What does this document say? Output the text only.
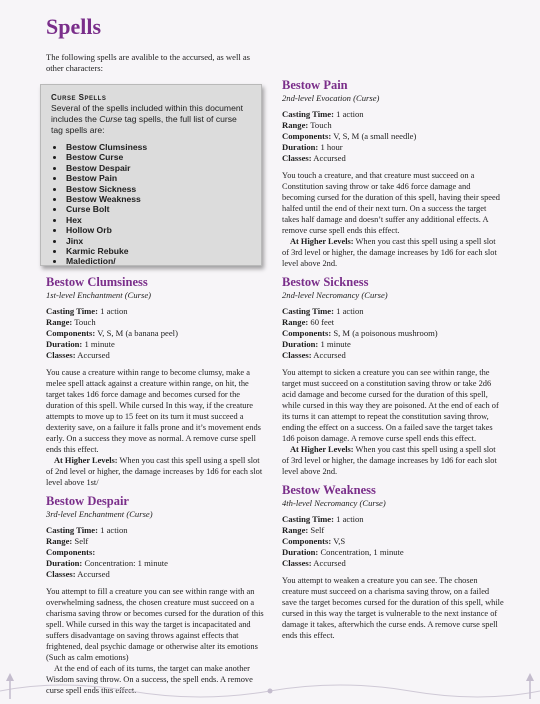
Spells
The following spells are avalible to the accursed, as well as other characters:
Curse Spells
Several of the spells included within this document includes the Curse tag spells, the full list of curse tag spells are:
• Bestow Clumsiness
• Bestow Curse
• Bestow Despair
• Bestow Pain
• Bestow Sickness
• Bestow Weakness
• Curse Bolt
• Hex
• Hollow Orb
• Jinx
• Karmic Rebuke
• Malediction/
Bestow Clumsiness
1st-level Enchantment (Curse)
Casting Time: 1 action
Range: Touch
Components: V, S, M (a banana peel)
Duration: 1 minute
Classes: Accursed

You cause a creature within range to become clumsy, make a melee spell attack against a creature within range, on hit, the target takes 1d6 force damage and becomes cursed for the duration of this spell. While cursed In this way, if the creature attempts to move up to 15 feet on its turn it must succeed a dexterity save, on a failure it falls prone and it’s movement ends early. On a success they move as normal. A remove curse spell ends this effect.

At Higher Levels: When you cast this spell using a spell slot of 2nd level or higher, the damage increases by 1d6 for each slot level above 1st/

Bestow Despair
3rd-level Enchantment (Curse)
Casting Time: 1 action
Range: Self
Components:
Duration: Concentration: 1 minute
Classes: Accursed

You attempt to fill a creature you can see within range with an overwhelming sadness, the chosen creature must succeed on a charisma saving throw or becomes cursed for the duration of this spell. While cursed in this way the target is incapacitated and suffers disadvantage on saving throws against effects that frightened, deal psychic damage or otherwise alter its emotions (Such as calm emotions)

At the end of each of its turns, the target can make another Wisdom saving throw. On a success, the spell ends. A remove curse spell ends this effect.

Bestow Pain
2nd-level Evocation (Curse)
Casting Time: 1 action
Range: Touch
Components: V, S, M (a small needle)
Duration: 1 hour
Classes: Accursed

You touch a creature, and that creature must succeed on a Constitution saving throw or take 4d6 force damage and becoming cursed for the duration of this spell, having their speed halfed until the end of their next turn. On a success the target takes half damage and doesn’t suffer any additional effects. A remove curse spell ends this effect.

At Higher Levels: When you cast this spell using a spell slot of 3rd level or higher, the damage increases by 1d6 for each slot level above 2nd.

Bestow Sickness
2nd-level Necromancy (Curse)
Casting Time: 1 action
Range: 60 feet
Components: S, M (a poisonous mushroom)
Duration: 1 minute
Classes: Accursed

You attempt to sicken a creature you can see within range, the target must succeed on a constitution saving throw or take 2d6 acid damage and become cursed for the duration of this spell, while cursed in this way they are poisoned. At the end of each of its turns it can attempt to repeat the constitution saving throw, ending the effect on a success. On a failed save the target takes 1d6 poison damage. A remove curse spell ends this effect.

At Higher Levels: When you cast this spell using a spell slot of 3rd level or higher, the damage increases by 1d6 for each slot level above 2nd.

Bestow Weakness
4th-level Necromancy (Curse)
Casting Time: 1 action
Range: Self
Components: V,S
Duration: Concentration, 1 minute
Classes: Accursed

You attempt to weaken a creature you can see. The chosen creature must succeed on a charisma saving throw, on a failed save the target becomes cursed for the duration of this spell, while cursed in this way the target is vulnerable to the next instance of damage it takes, afterwhich the curse ends. A remove curse spell ends this effect.
